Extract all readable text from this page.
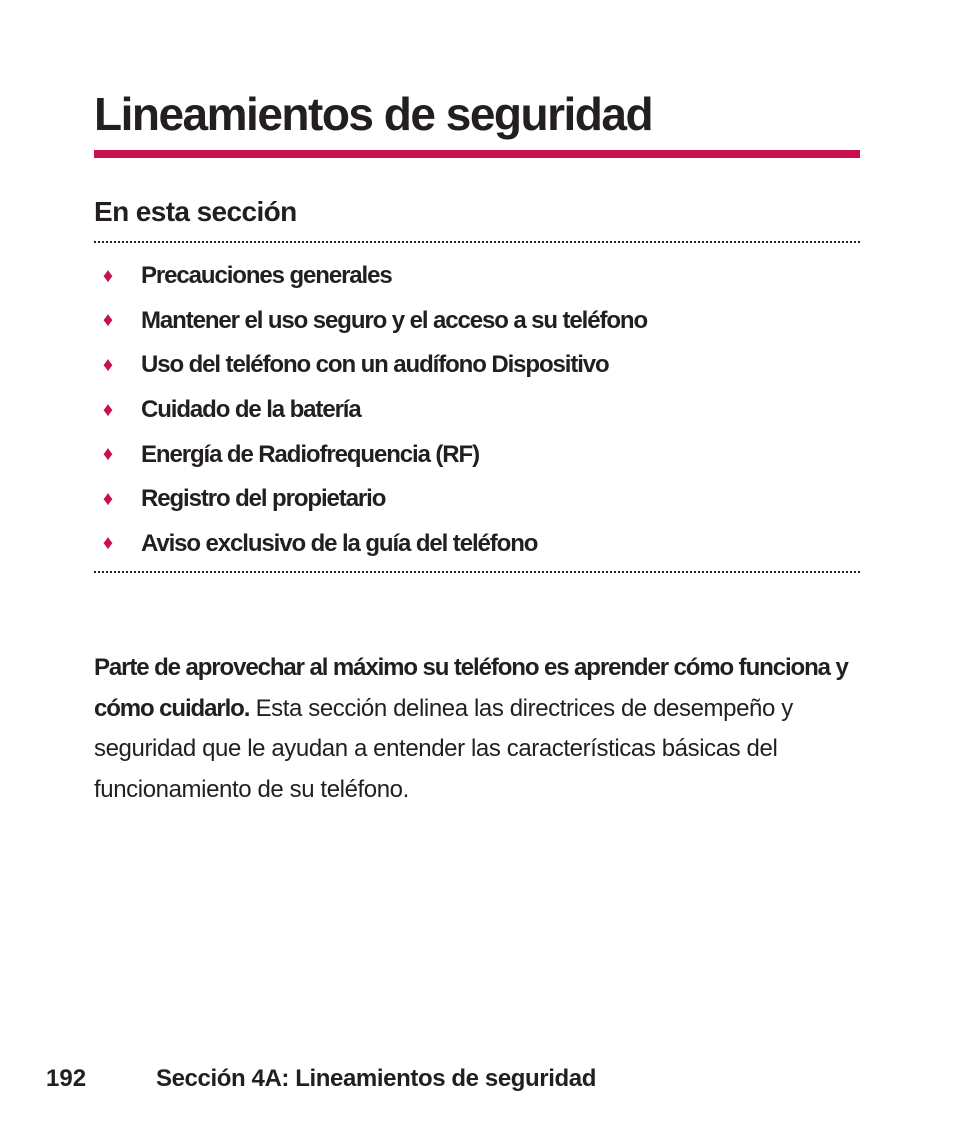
Lineamientos de seguridad
En esta sección
♦ Precauciones generales
♦ Mantener el uso seguro y el acceso a su teléfono
♦ Uso del teléfono con un audífono Dispositivo
♦ Cuidado de la batería
♦ Energía de Radiofrequencia (RF)
♦ Registro del propietario
♦ Aviso exclusivo de la guía del teléfono

Parte de aprovechar al máximo su teléfono es aprender cómo funciona y cómo cuidarlo. Esta sección delinea las directrices de desempeño y seguridad que le ayudan a entender las características básicas del funcionamiento de su teléfono.

192	Sección 4A: Lineamientos de seguridad
